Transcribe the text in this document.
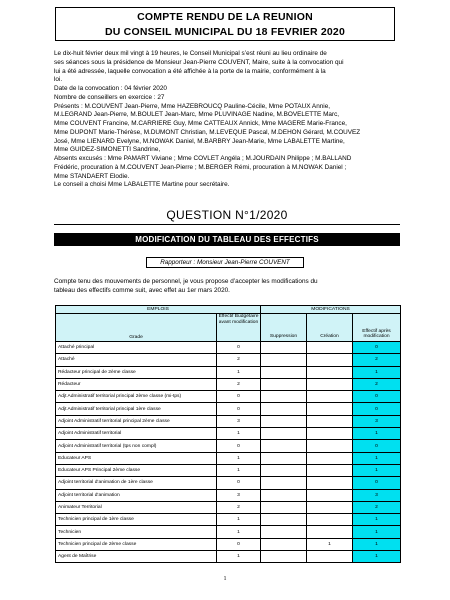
COMPTE RENDU DE LA REUNION
DU CONSEIL MUNICIPAL DU 18 FEVRIER 2020
Le dix-huit février deux mil vingt à 19 heures, le Conseil Municipal s’est réuni au lieu ordinaire de
ses séances sous la présidence de Monsieur Jean-Pierre COUVENT, Maire, suite à la convocation qui
lui a été adressée, laquelle convocation a été affichée à la porte de la mairie, conformément à la
loi.
Date de la convocation : 04 février 2020
Nombre de conseillers en exercice : 27
Présents : M.COUVENT Jean-Pierre, Mme HAZEBROUCQ Pauline-Cécile, Mme POTAUX Annie,
M.LEGRAND Jean-Pierre, M.BOULET Jean-Marc, Mme PLUVINAGE Nadine, M.BOVELETTE Marc,
Mme COUVENT Francine, M.CARRIERE Guy, Mme CATTEAUX Annick, Mme MAGERE Marie-France,
Mme DUPONT Marie-Thérèse, M.DUMONT Christian, M.LEVEQUE Pascal, M.DEHON Gérard, M.COUVEZ
José, Mme LIENARD Evelyne, M.NOWAK Daniel, M.BARBRY Jean-Marie, Mme LABALETTE Martine,
Mme GUIDEZ-SIMONETTI Sandrine,
Absents excusés : Mme PAMART Viviane ; Mme COVLET Angéla ; M.JOURDAIN Philippe ; M.BALLAND
Frédéric, procuration à M.COUVENT Jean-Pierre ; M.BERGER Rémi, procuration à M.NOWAK Daniel ;
Mme STANDAERT Elodie.
Le conseil a choisi Mme LABALETTE Martine pour secrétaire.
QUESTION N°1/2020
MODIFICATION DU TABLEAU DES EFFECTIFS
Rapporteur : Monsieur Jean-Pierre COUVENT
Compte tenu des mouvements de personnel, je vous propose d’accepter les modifications du
tableau des effectifs comme suit, avec effet au 1er mars 2020.
EMPLOIS		MODIFICATIONS		
Grade	Effectif Budgétaire avant modification	Suppression	Création	Effectif après modification
Attaché principal	0			0
Attaché	2			2
Rédacteur principal de 2ème classe	1			1
Rédacteur	2			2
Adjt Administratif territorial principal 2ème classe (mi-tps)	0			0
Adjt Administratif territorial principal 1ère classe	0			0
Adjoint Administratif territorial principal 2ème classe	3			3
Adjoint Administratif territorial	1			1
Adjoint Administratif territorial (tps non compl)	0			0
Educateur APS	1			1
Educateur APS Principal 2ème classe	1			1
Adjoint territorial d’animation de 1ère classe	0			0
Adjoint territorial d’animation	3			3
Animateur Territorial	2			2
Technicien principal de 1ère classe	1			1
Technicien	1			1
Technicien principal de 2ème classe	0		1	1
Agent de Maîtrise	1			1
1
